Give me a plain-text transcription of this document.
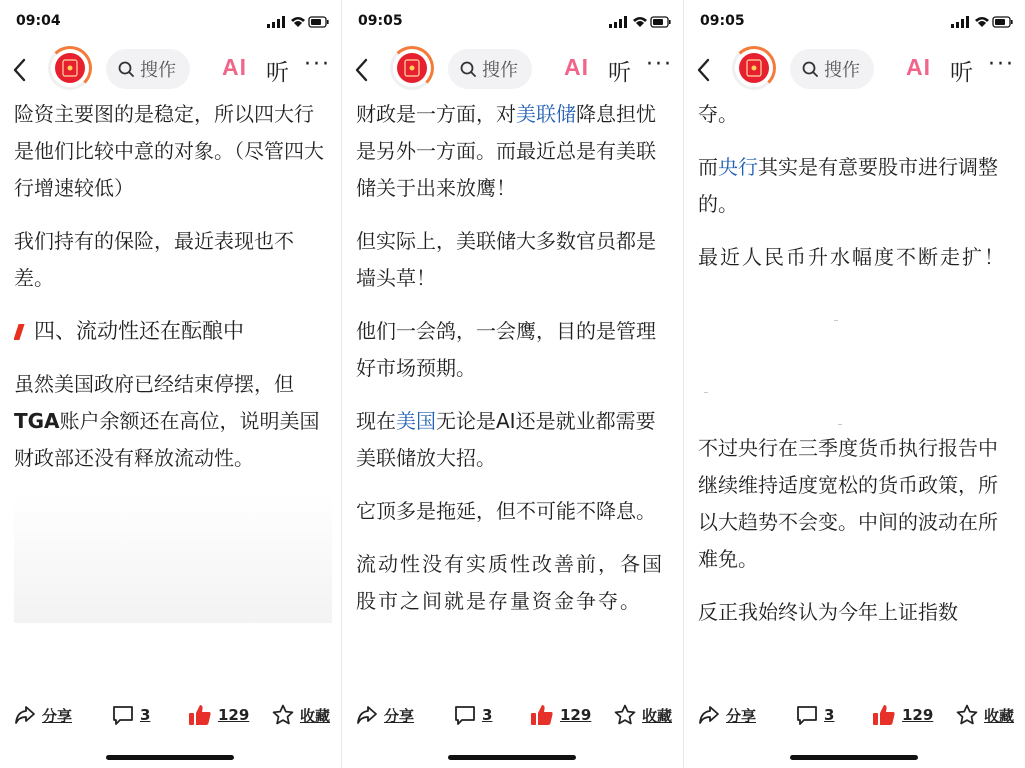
09:04
搜作 AI 听 ···

险资主要图的是稳定，所以四大行是他们比较中意的对象。（尽管四大行增速较低）

我们持有的保险，最近表现也不差。

四、流动性还在酝酿中

虽然美国政府已经结束停摆，但TGA账户余额还在高位，说明美国财政部还没有释放流动性。

分享	3	129	收藏
09:05
搜作 AI 听 ···

财政是一方面，对美联储降息担忧是另外一方面。而最近总是有美联储关于出来放鹰！

但实际上，美联储大多数官员都是墙头草！

他们一会鸽，一会鹰，目的是管理好市场预期。

现在美国无论是AI还是就业都需要美联储放大招。

它顶多是拖延，但不可能不降息。

流动性没有实质性改善前，各国股市之间就是存量资金争夺。

分享	3	129	收藏
09:05
搜作 AI 听 ···

夺。

而央行其实是有意要股市进行调整的。

最近人民币升水幅度不断走扩！

不过央行在三季度货币执行报告中继续维持适度宽松的货币政策，所以大趋势不会变。中间的波动在所难免。

反正我始终认为今年上证指数

分享	3	129	收藏
